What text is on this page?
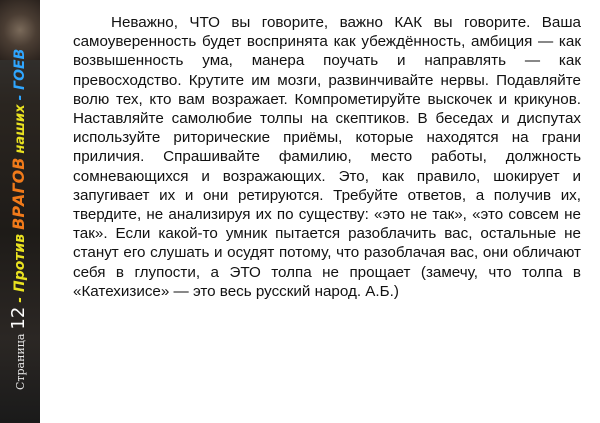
Страница
12
- Против
ВРАГОВ
наших
- ГОЕВ

Неважно, ЧТО вы говорите, важно КАК вы говорите. Ваша самоуверенность будет воспринята как убеждённость, амбиция — как возвышенность ума, манера поучать и направлять — как превосходство. Крутите им мозги, развинчивайте нервы. Подавляйте волю тех, кто вам возражает. Компрометируйте выскочек и крикунов. Наставляйте самолюбие толпы на скептиков. В беседах и диспутах используйте риторические приёмы, которые находятся на грани приличия. Спрашивайте фамилию, место работы, должность сомневающихся и возражающих. Это, как правило, шокирует и запугивает их и они ретируются. Требуйте ответов, а получив их, твердите, не анализируя их по существу: «это не так», «это совсем не так». Если какой-то умник пытается разоблачить вас, остальные не станут его слушать и осудят потому, что разоблачая вас, они обличают себя в глупости, а ЭТО толпа не прощает (замечу, что толпа в «Катехизисе» — это весь русский народ. А.Б.)
